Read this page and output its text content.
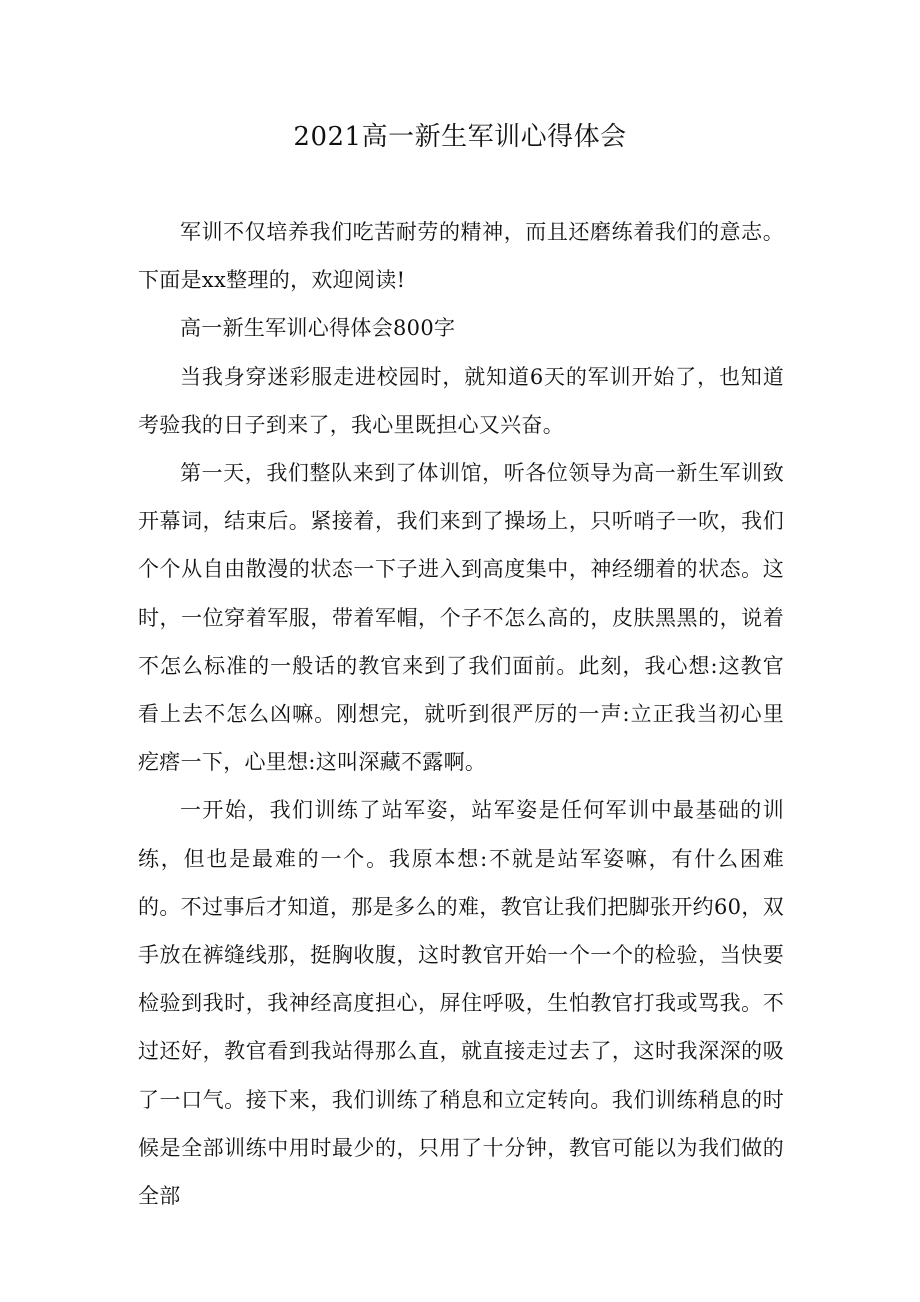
2021高一新生军训心得体会

军训不仅培养我们吃苦耐劳的精神，而且还磨练着我们的意志。下面是xx整理的，欢迎阅读!

高一新生军训心得体会800字

当我身穿迷彩服走进校园时，就知道6天的军训开始了，也知道考验我的日子到来了，我心里既担心又兴奋。

第一天，我们整队来到了体训馆，听各位领导为高一新生军训致开幕词，结束后。紧接着，我们来到了操场上，只听哨子一吹，我们个个从自由散漫的状态一下子进入到高度集中，神经绷着的状态。这时，一位穿着军服，带着军帽，个子不怎么高的，皮肤黑黑的，说着不怎么标准的一般话的教官来到了我们面前。此刻，我心想:这教官看上去不怎么凶嘛。刚想完，就听到很严厉的一声:立正我当初心里疙瘩一下，心里想:这叫深藏不露啊。

一开始，我们训练了站军姿，站军姿是任何军训中最基础的训练，但也是最难的一个。我原本想:不就是站军姿嘛，有什么困难的。不过事后才知道，那是多么的难，教官让我们把脚张开约60，双手放在裤缝线那，挺胸收腹，这时教官开始一个一个的检验，当快要检验到我时，我神经高度担心，屏住呼吸，生怕教官打我或骂我。不过还好，教官看到我站得那么直，就直接走过去了，这时我深深的吸了一口气。接下来，我们训练了稍息和立定转向。我们训练稍息的时候是全部训练中用时最少的，只用了十分钟，教官可能以为我们做的全部
